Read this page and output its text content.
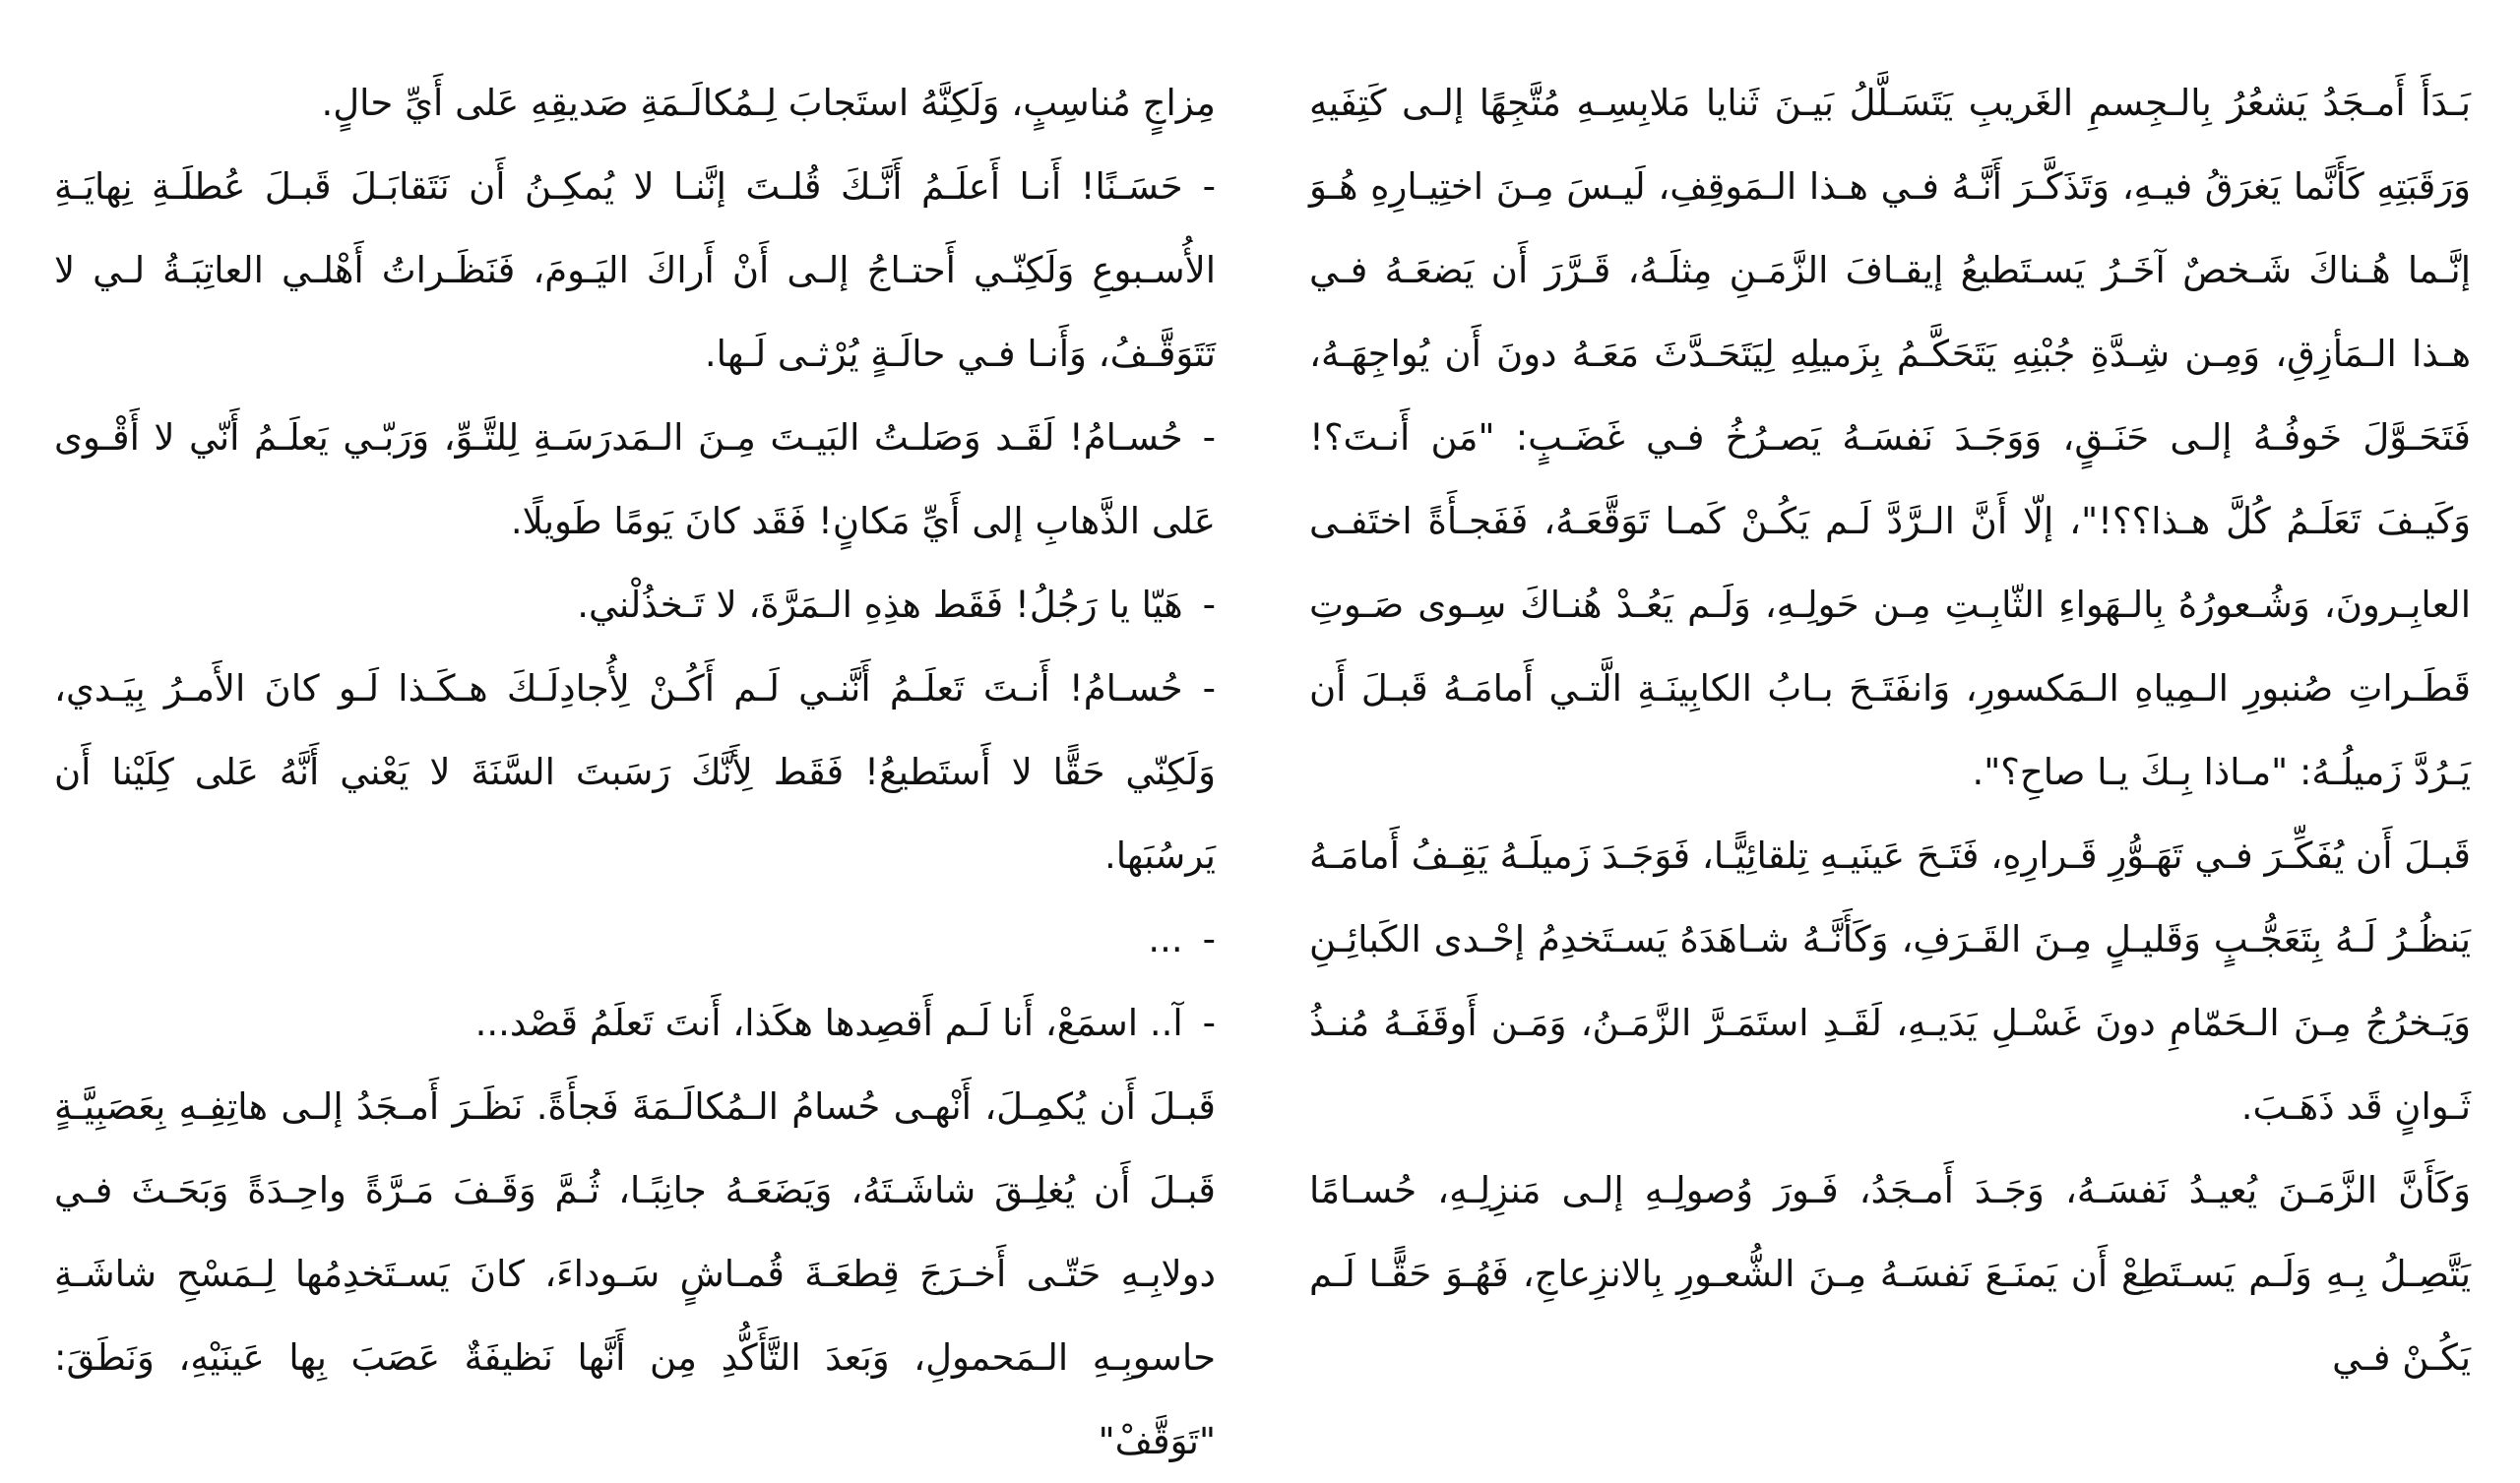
بَـدَأَ أَمـجَدُ يَشعُرُ بِالـجِسمِ الغَريبِ يَتَسَـلَّلُ بَيـنَ ثَنايا مَلابِسِـهِ مُتَّجِهًا إلـى كَتِفَيهِ وَرَقَبَتِهِ كَأَنَّما يَغرَقُ فيـهِ، وَتَذَكَّـرَ أَنَّـهُ فـي هـذا الـمَوقِفِ، لَيـسَ مِـنَ اختِيـارِهِ هُـوَ إنَّـما هُـناكَ شَـخصٌ آخَـرُ يَسـتَطيعُ إيقـافَ الزَّمَـنِ مِثلَـهُ، قَـرَّرَ أَن يَضعَـهُ فـي هـذا الـمَأزِقِ، وَمِـن شِـدَّةِ جُبْنِهِ يَتَحَكَّـمُ بِزَميلِهِ لِيَتَحَـدَّثَ مَعَـهُ دونَ أَن يُواجِهَـهُ، فَتَحَـوَّلَ خَوفُـهُ إلـى حَنَـقٍ، وَوَجَـدَ نَفسَـهُ يَصـرُخُ فـي غَضَـبٍ: "مَن أَنـتَ؟! وَكَيـفَ تَعَلَـمُ كُلَّ هـذا؟؟!"، إلّا أَنَّ الـرَّدَّ لَـم يَكُـنْ كَمـا تَوَقَّعَـهُ، فَفَجـأَةً اختَفـى العابِـرونَ، وَشُـعورُهُ بِالـهَواءِ الثّابِـتِ مِـن حَولِـهِ، وَلَـم يَعُـدْ هُنـاكَ سِـوى صَـوتِ قَطَـراتِ صُنبورِ الـمِياهِ الـمَكسورِ، وَانفَتَـحَ بـابُ الكابِينَـةِ الَّتـي أَمامَـهُ قَبـلَ أَن يَـرُدَّ زَميلُـهُ: "مـاذا بِـكَ يـا صاحِ؟".

قَبـلَ أَن يُفَكِّـرَ فـي تَهَـوُّرِ قَـرارِهِ، فَتَـحَ عَينَيـهِ تِلقائِيًّـا، فَوَجَـدَ زَميلَـهُ يَقِـفُ أَمامَـهُ يَنظُـرُ لَـهُ بِتَعَجُّـبٍ وَقَليـلٍ مِـنَ القَـرَفِ، وَكَأَنَّـهُ شـاهَدَهُ يَسـتَخدِمُ إحْـدى الكَبائِـنِ وَيَـخرُجُ مِـنَ الـحَمّامِ دونَ غَسْـلِ يَدَيـهِ، لَقَـدِ استَمَـرَّ الزَّمَـنُ، وَمَـن أَوقَفَـهُ مُنـذُ ثَـوانٍ قَد ذَهَـبَ.

وَكَأَنَّ الزَّمَـنَ يُعيـدُ نَفسَـهُ، وَجَـدَ أَمـجَدُ، فَـورَ وُصولِـهِ إلـى مَنزِلِـهِ، حُسـامًا يَتَّصِـلُ بِـهِ وَلَـم يَسـتَطِعْ أَن يَمنَـعَ نَفسَـهُ مِـنَ الشُّعـورِ بِالانزِعاجِ، فَهُـوَ حَقًّـا لَـم يَكُـنْ فـي

مِزاجٍ مُناسِبٍ، وَلَكِنَّهُ استَجابَ لِـمُكالَـمَةِ صَديقِهِ عَلى أَيِّ حالٍ.

-حَسَـنًا! أَنـا أَعلَـمُ أَنَّـكَ قُلـتَ إنَّنـا لا يُمكِـنُ أَن نَتَقابَـلَ قَبـلَ عُطلَـةِ نِهايَـةِ الأُسـبوعِ وَلَكِنّـي أَحتـاجُ إلـى أَنْ أَراكَ اليَـومَ، فَنَظَـراتُ أَهْلـي العاتِبَـةُ لـي لا تَتَوَقَّـفُ، وَأَنـا فـي حالَـةٍ يُرْثـى لَـها.

-حُسـامُ! لَقَـد وَصَلـتُ البَيـتَ مِـنَ الـمَدرَسَـةِ لِلتَّـوِّ، وَرَبّـي يَعلَـمُ أَنّي لا أَقْـوى عَلى الذَّهابِ إلى أَيِّ مَكانٍ! فَقَد كانَ يَومًا طَويلًا.

-هَيّا يا رَجُلُ! فَقَط هذِهِ الـمَرَّةَ، لا تَـخذُلْني.

-حُسـامُ! أَنـتَ تَعلَـمُ أَنَّنـي لَـم أَكُـنْ لِأُجادِلَـكَ هـكَـذا لَـو كانَ الأَمـرُ بِيَـدي، وَلَكِنّي حَقًّا لا أَستَطيعُ! فَقَط لِأَنَّكَ رَسَبتَ السَّنَةَ لا يَعْني أَنَّهُ عَلى كِلَيْنا أَن يَرسُبَها.

-...

-آ.. اسمَعْ، أَنا لَـم أَقصِدها هكَذا، أَنتَ تَعلَمُ قَصْد...

قَبـلَ أَن يُكمِـلَ، أَنْهـى حُسامُ الـمُكالَـمَةَ فَجأَةً. نَظَـرَ أَمـجَدُ إلـى هاتِفِـهِ بِعَصَبِيَّـةٍ قَبـلَ أَن يُغلِـقَ شاشَـتَهُ، وَيَضَعَـهُ جانِبًـا، ثُـمَّ وَقَـفَ مَـرَّةً واحِـدَةً وَبَحَـثَ فـي دولابِـهِ حَتّـى أَخـرَجَ قِطعَـةَ قُمـاشٍ سَـوداءَ، كانَ يَسـتَخدِمُها لِـمَسْحِ شاشَـةِ حاسوبِـهِ الـمَحمولِ، وَبَعدَ التَّأَكُّدِ مِن أَنَّها نَظيفَةٌ عَصَبَ بِها عَينَيْهِ، وَنَطَقَ: "تَوَقَّفْ"
